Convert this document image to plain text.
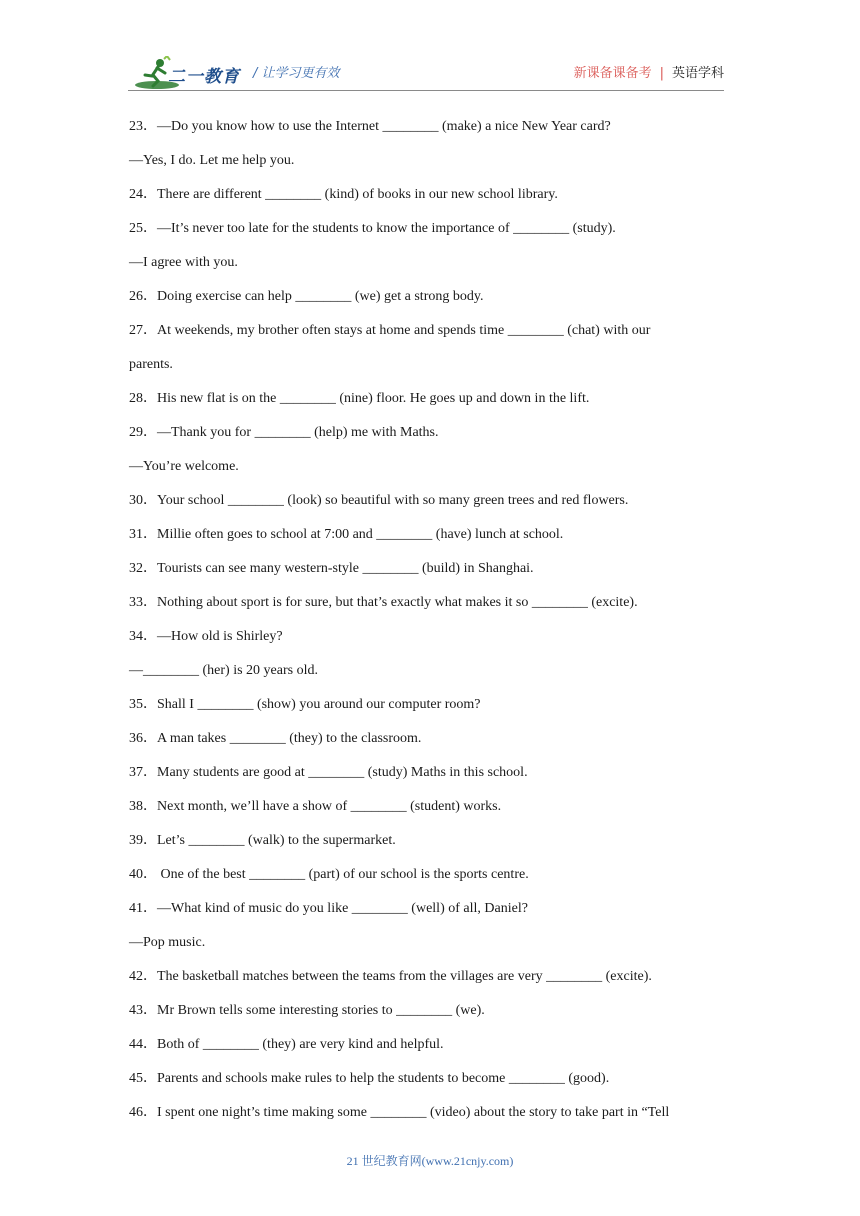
二一教育 / 让学习更有效	新课备课备考 | 英语学科
23．—Do you know how to use the Internet ________ (make) a nice New Year card?
—Yes, I do. Let me help you.
24．There are different ________ (kind) of books in our new school library.
25．—It’s never too late for the students to know the importance of ________ (study).
—I agree with you.
26．Doing exercise can help ________ (we) get a strong body.
27．At weekends, my brother often stays at home and spends time ________ (chat) with our
parents.
28．His new flat is on the ________ (nine) floor. He goes up and down in the lift.
29．—Thank you for ________ (help) me with Maths.
—You’re welcome.
30．Your school ________ (look) so beautiful with so many green trees and red flowers.
31．Millie often goes to school at 7:00 and ________ (have) lunch at school.
32．Tourists can see many western-style ________ (build) in Shanghai.
33．Nothing about sport is for sure, but that’s exactly what makes it so ________ (excite).
34．—How old is Shirley?
—________ (her) is 20 years old.
35．Shall I ________ (show) you around our computer room?
36．A man takes ________ (they) to the classroom.
37．Many students are good at ________ (study) Maths in this school.
38．Next month, we’ll have a show of ________ (student) works.
39．Let’s ________ (walk) to the supermarket.
40． One of the best ________ (part) of our school is the sports centre.
41．—What kind of music do you like ________ (well) of all, Daniel?
—Pop music.
42．The basketball matches between the teams from the villages are very ________ (excite).
43．Mr Brown tells some interesting stories to ________ (we).
44．Both of ________ (they) are very kind and helpful.
45．Parents and schools make rules to help the students to become ________ (good).
46．I spent one night’s time making some ________ (video) about the story to take part in “Tell
21 世纪教育网(www.21cnjy.com)
